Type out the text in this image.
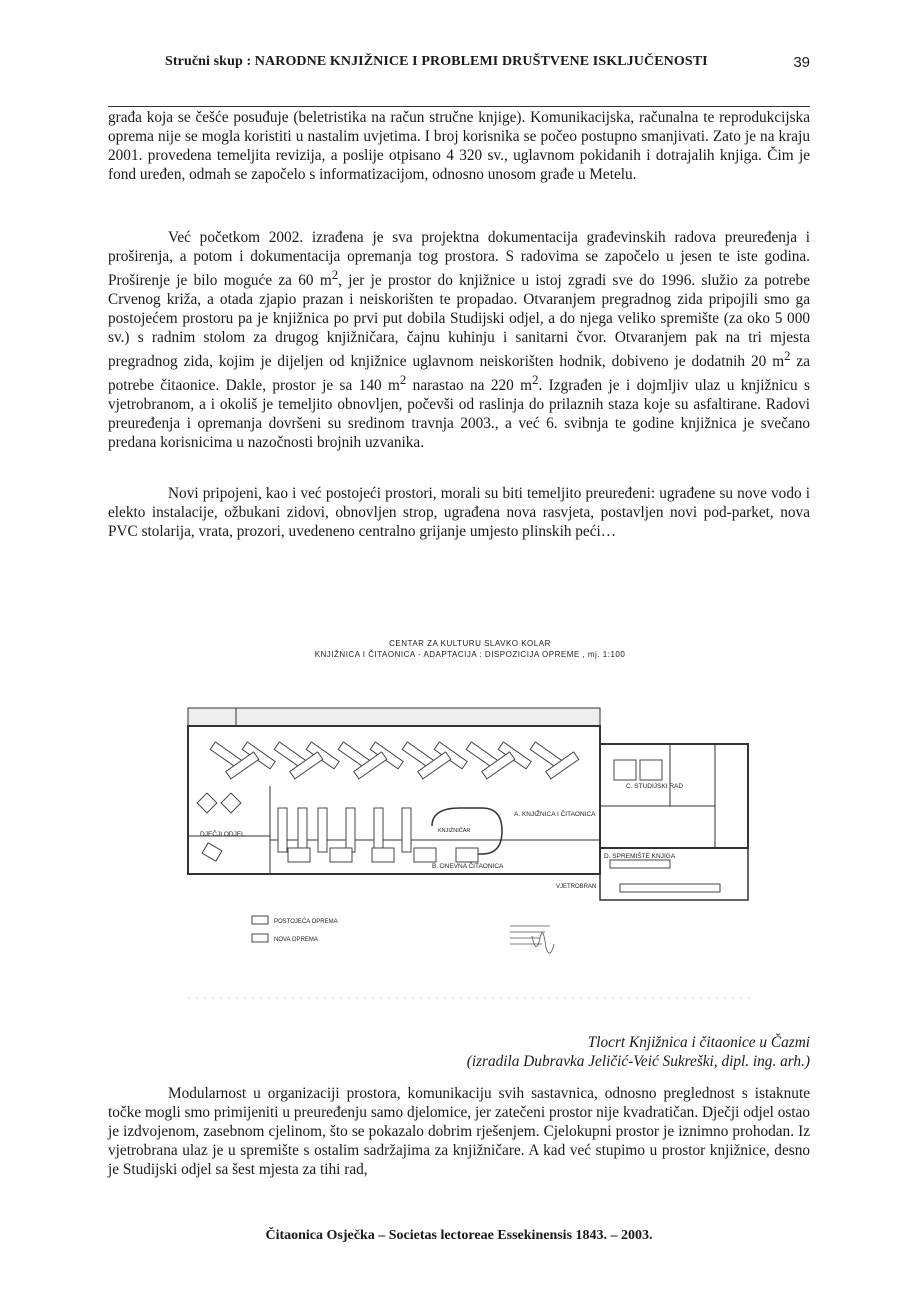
Stručni skup : NARODNE KNJIŽNICE I PROBLEMI DRUŠTVENE ISKLJUČENOSTI	39

građa koja se češće posuđuje (beletristika na račun stručne knjige). Komunikacijska, računalna te reprodukcijska oprema nije se mogla koristiti u nastalim uvjetima. I broj korisnika se počeo postupno smanjivati. Zato je na kraju 2001. provedena temeljita revizija, a poslije otpisano 4 320 sv., uglavnom pokidanih i dotrajalih knjiga. Čim je fond uređen, odmah se započelo s informatizacijom, odnosno unosom građe u Metelu.

Već početkom 2002. izrađena je sva projektna dokumentacija građevinskih radova preuređenja i proširenja, a potom i dokumentacija opremanja tog prostora. S radovima se započelo u jesen te iste godina. Proširenje je bilo moguće za 60 $m^2$, jer je prostor do knjižnice u istoj zgradi sve do 1996. služio za potrebe Crvenog križa, a otada zjapio prazan i neiskorišten te propadao. Otvaranjem pregradnog zida pripojili smo ga postojećem prostoru pa je knjižnica po prvi put dobila Studijski odjel, a do njega veliko spremište (za oko 5 000 sv.) s radnim stolom za drugog knjižničara, čajnu kuhinju i sanitarni čvor. Otvaranjem pak na tri mjesta pregradnog zida, kojim je dijeljen od knjižnice uglavnom neiskorišten hodnik, dobiveno je dodatnih 20 $m^2$ za potrebe čitaonice. Dakle, prostor je sa 140 $m^2$ narastao na 220 $m^2$. Izgrađen je i dojmljiv ulaz u knjižnicu s vjetrobranom, a i okoliš je temeljito obnovljen, počevši od raslinja do prilaznih staza koje su asfaltirane. Radovi preuređenja i opremanja dovršeni su sredinom travnja 2003., a već 6. svibnja te godine knjižnica je svečano predana korisnicima u nazočnosti brojnih uzvanika.

Novi pripojeni, kao i već postojeći prostori, morali su biti temeljito preuređeni: ugrađene su nove vodo i elekto instalacije, ožbukani zidovi, obnovljen strop, ugrađena nova rasvjeta, postavljen novi pod-parket, nova PVC stolarija, vrata, prozori, uvedeneno centralno grijanje umjesto plinskih peći…

CENTAR ZA KULTURU SLAVKO KOLAR
KNJIŽNICA I ČITAONICA - ADAPTACIJA : DISPOZICIJA OPREME , mj. 1:100
A. KNJIŽNICA I ČITAONICA
B. DNEVNA ČITAONICA
C. STUDIJSKI RAD
D. SPREMIŠTE KNJIGA
DJEČJI ODJEL
VJETROBRAN
KNJIŽNIČAR
POSTOJEĆA OPREMA
NOVA OPREMA
Tlocrt Knjižnica i čitaonice u Čazmi
(izradila Dubravka Jeličić-Veić Sukreški, dipl. ing. arh.)

Modularnost u organizaciji prostora, komunikaciju svih sastavnica, odnosno preglednost s istaknute točke mogli smo primijeniti u preuređenju samo djelomice, jer zatečeni prostor nije kvadratičan. Dječji odjel ostao je izdvojenom, zasebnom cjelinom, što se pokazalo dobrim rješenjem. Cjelokupni prostor je iznimno prohodan. Iz vjetrobrana ulaz je u spremište s ostalim sadržajima za knjižničare. A kad već stupimo u prostor knjižnice, desno je Studijski odjel sa šest mjesta za tihi rad,

Čitaonica Osječka – Societas lectoreae Essekinensis 1843. – 2003.
